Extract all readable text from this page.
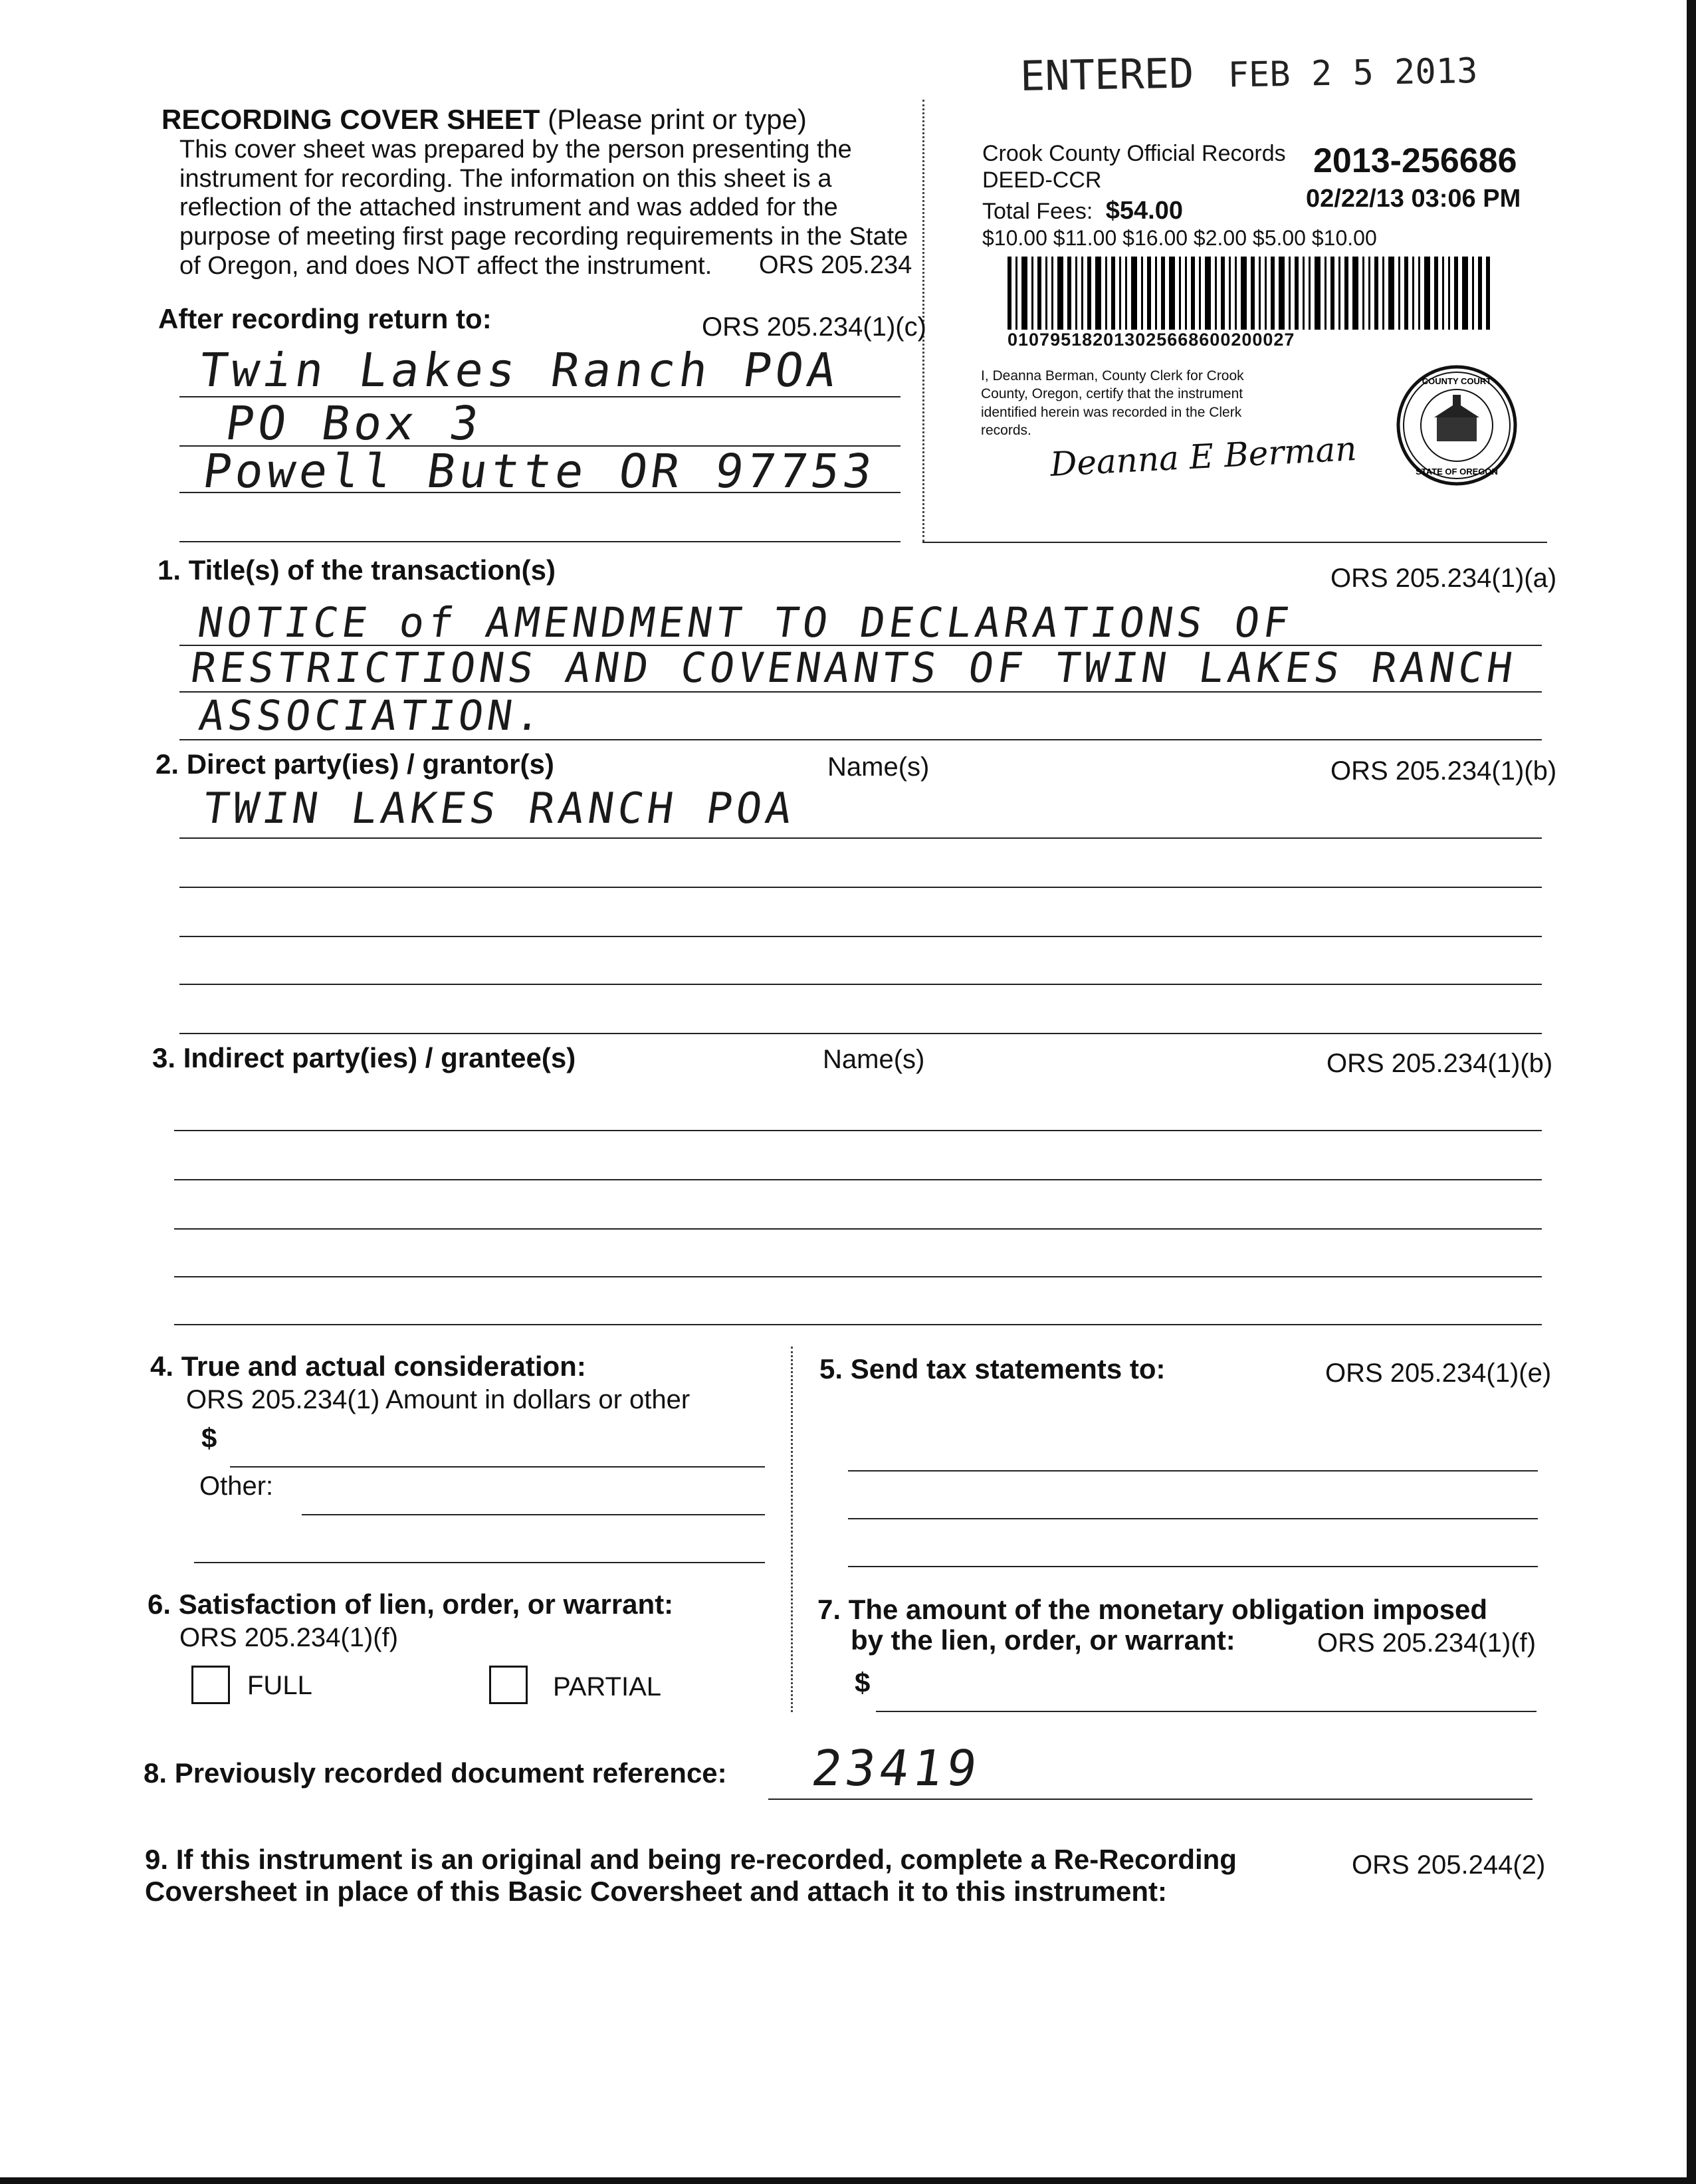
ENTERED FEB 2 5 2013
RECORDING COVER SHEET (Please print or type)
This cover sheet was prepared by the person presenting the
instrument for recording. The information on this sheet is a
reflection of the attached instrument and was added for the
purpose of meeting first page recording requirements in the State
of Oregon, and does NOT affect the instrument.	ORS 205.234
Crook County Official Records
DEED-CCR	2013-256686
Total Fees: $54.00	02/22/13 03:06 PM
$10.00 $11.00 $16.00 $2.00 $5.00 $10.00
010795182013025668600200027
I, Deanna Berman, County Clerk for Crook
County, Oregon, certify that the instrument
identified herein was recorded in the Clerk
records. Deanna E Berman
COUNTY COURT
STATE OF OREGON
After recording return to:	ORS 205.234(1)(c)
Twin Lakes Ranch POA
PO Box 3
Powell Butte OR 97753
1. Title(s) of the transaction(s)	ORS 205.234(1)(a)
NOTICE of AMENDMENT TO DECLARATIONS OF
RESTRICTIONS AND COVENANTS OF TWIN LAKES RANCH
ASSOCIATION.
2. Direct party(ies) / grantor(s)	Name(s)	ORS 205.234(1)(b)
TWIN LAKES RANCH POA
3. Indirect party(ies) / grantee(s)	Name(s)	ORS 205.234(1)(b)
4. True and actual consideration:
ORS 205.234(1) Amount in dollars or other
$
Other:
5. Send tax statements to:	ORS 205.234(1)(e)
6. Satisfaction of lien, order, or warrant:
ORS 205.234(1)(f)
FULL	PARTIAL
7. The amount of the monetary obligation imposed
by the lien, order, or warrant:	ORS 205.234(1)(f)
$
8. Previously recorded document reference: 23419
9. If this instrument is an original and being re-recorded, complete a Re-Recording
Coversheet in place of this Basic Coversheet and attach it to this instrument:
ORS 205.244(2)
